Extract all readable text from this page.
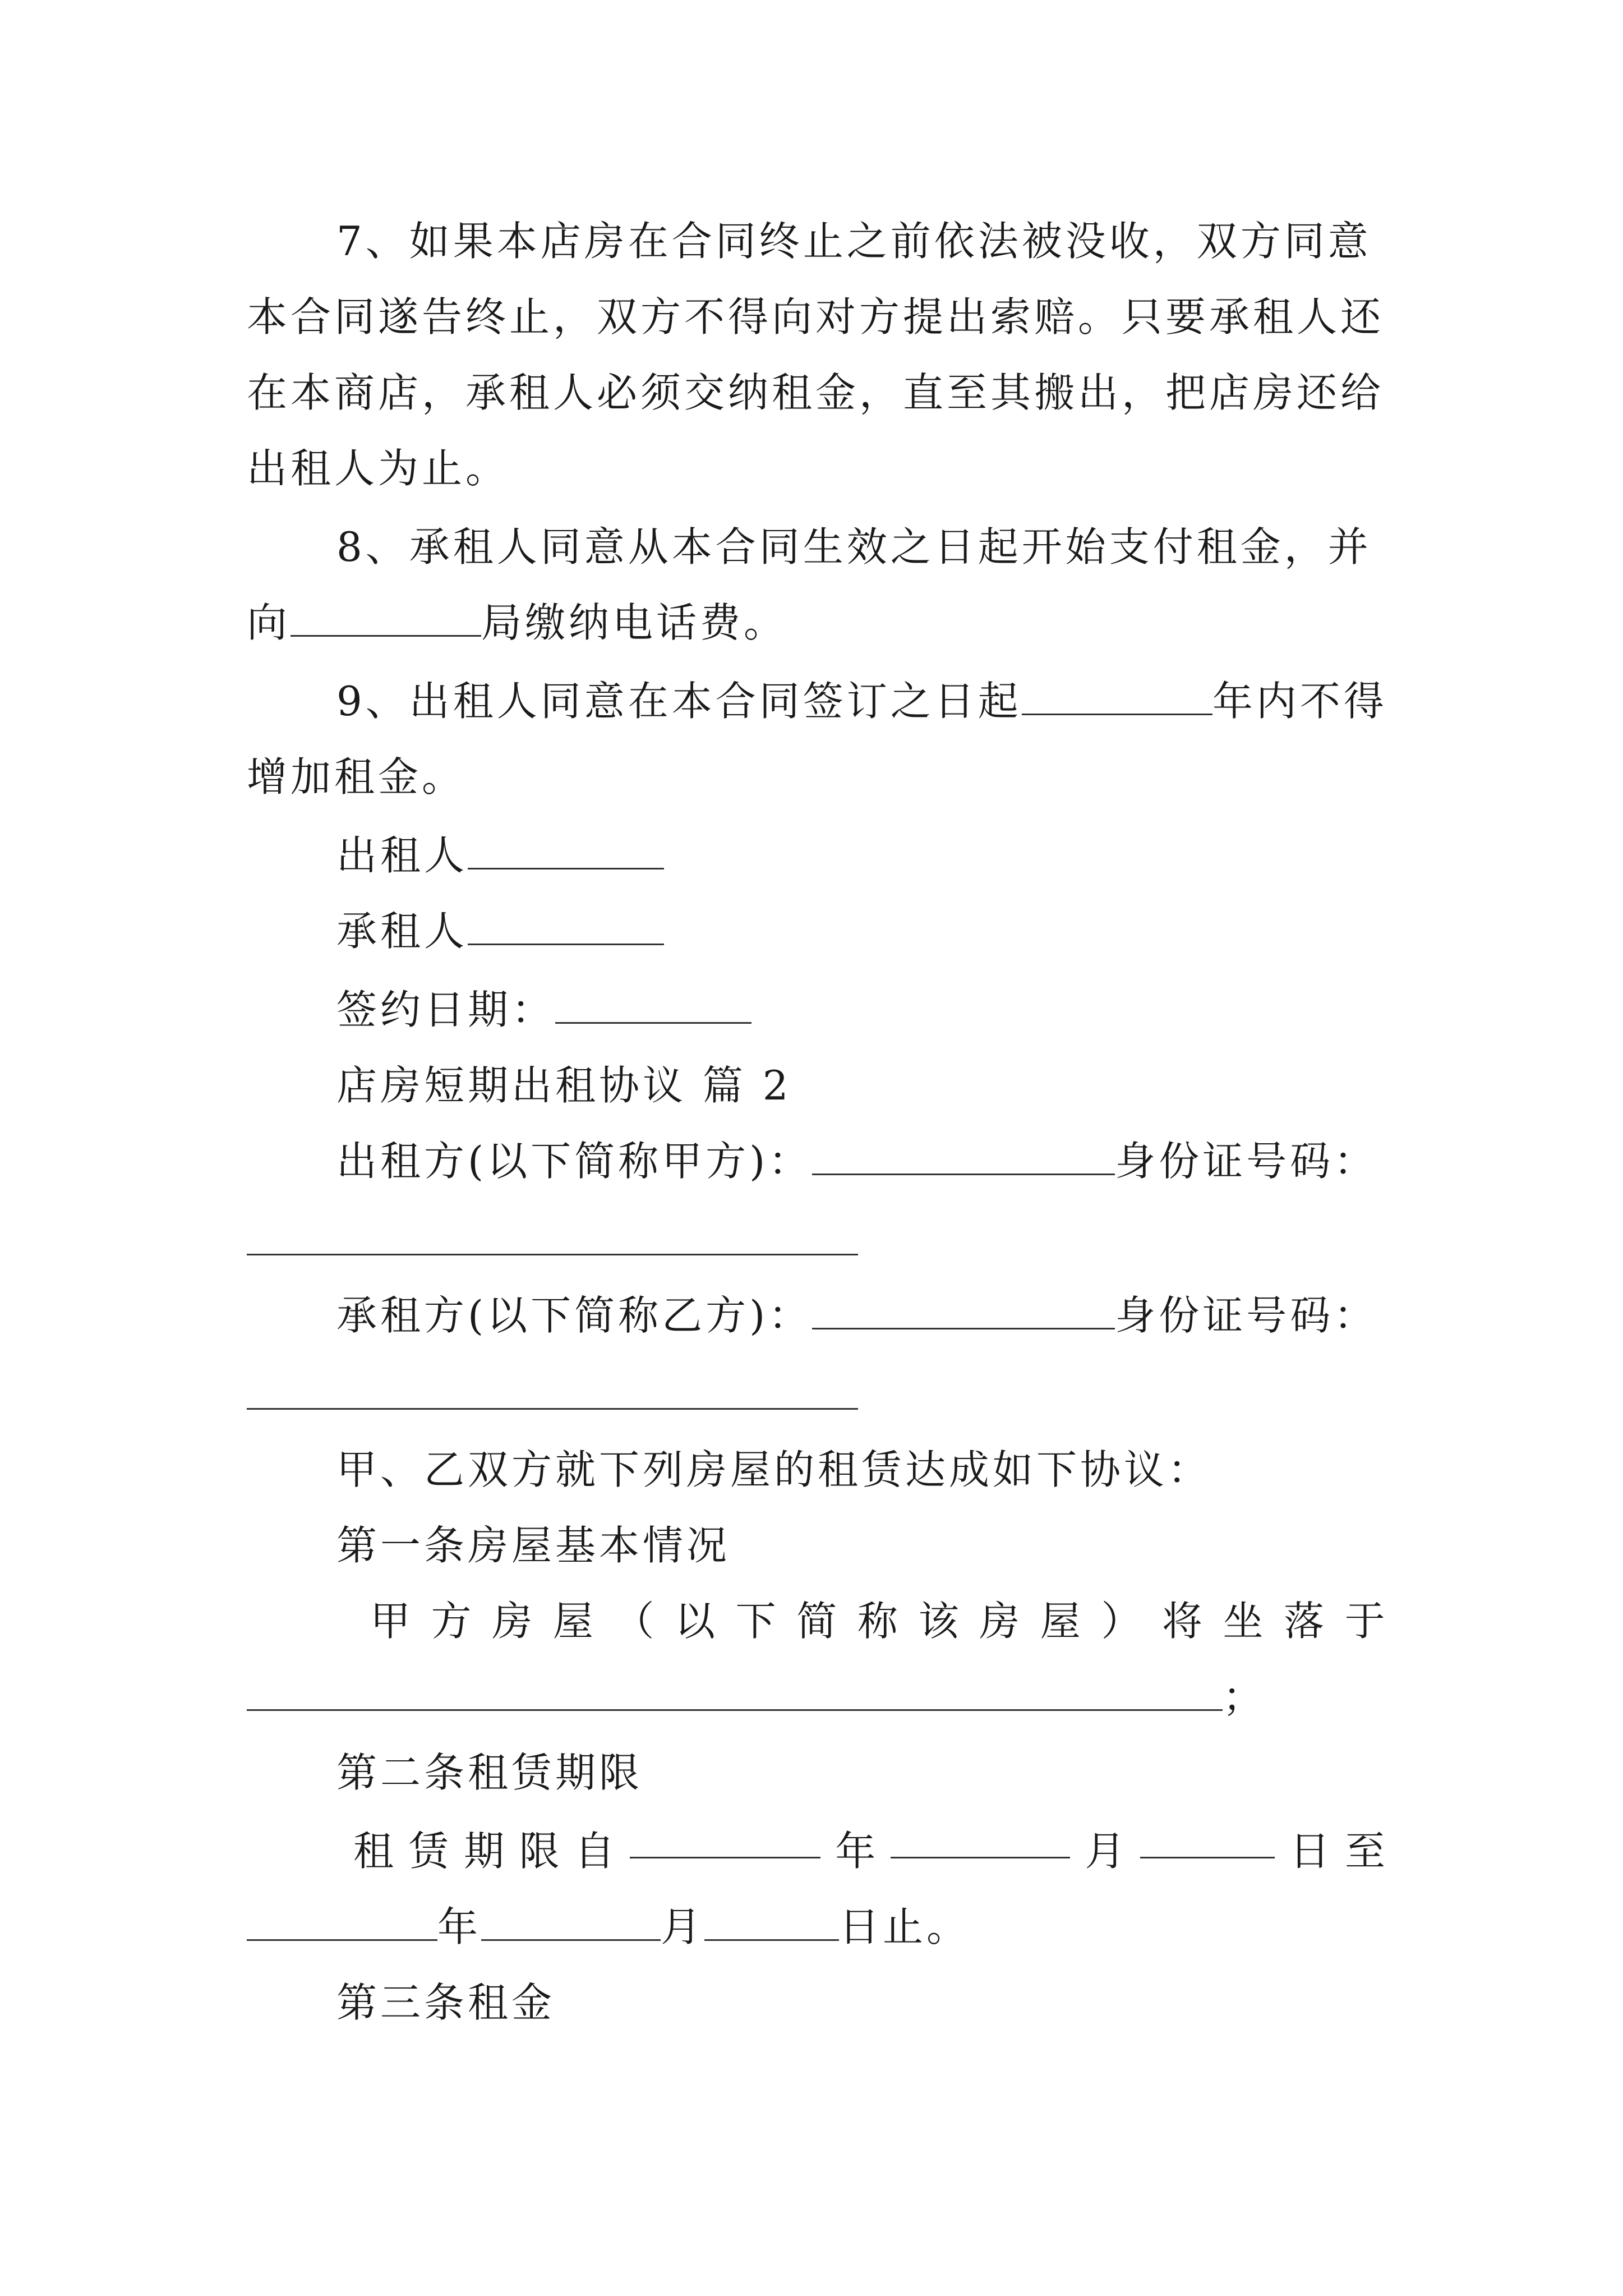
7、如果本店房在合同终止之前依法被没收，双方同意
本合同遂告终止，双方不得向对方提出索赔。只要承租人还
在本商店，承租人必须交纳租金，直至其搬出，把店房还给
出租人为止。
8、承租人同意从本合同生效之日起开始支付租金，并
向	局缴纳电话费。
9、出租人同意在本合同签订之日起	年内不得
增加租金。
出租人
承租人
签约日期：
店房短期出租协议 篇 2
出租方(以下简称甲方)：	身份证号码：
承租方(以下简称乙方)：	身份证号码：
甲、乙双方就下列房屋的租赁达成如下协议：
第一条房屋基本情况
甲 方 房 屋 （ 以 下 简 称 该 房 屋 ） 将 坐 落 于
；
第二条租赁期限
租 赁 期 限 自	年	月	日 至
年	月	日止。
第三条租金
